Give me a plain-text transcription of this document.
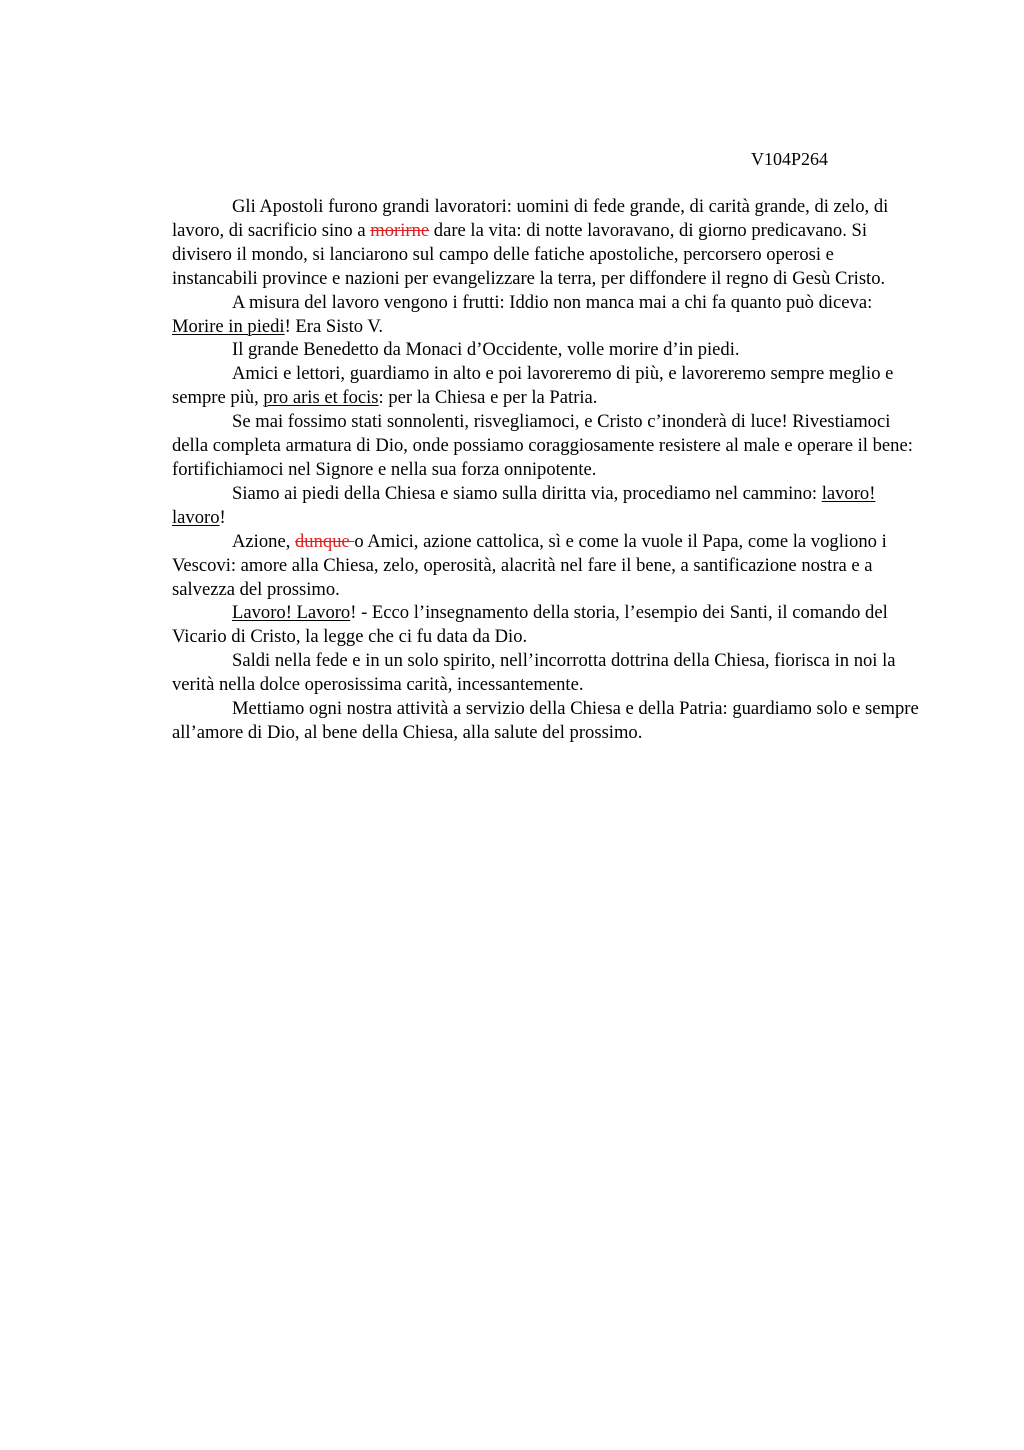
V104P264

Gli Apostoli furono grandi lavoratori: uomini di fede grande, di carità grande, di zelo, di lavoro, di sacrificio sino a morirne dare la vita: di notte lavoravano, di giorno predicavano. Si divisero il mondo, si lanciarono sul campo delle fatiche apostoliche, percorsero operosi e instancabili province e nazioni per evangelizzare la terra, per diffondere il regno di Gesù Cristo.

A misura del lavoro vengono i frutti: Iddio non manca mai a chi fa quanto può diceva: Morire in piedi! Era Sisto V.

Il grande Benedetto da Monaci d’Occidente, volle morire d’in piedi.

Amici e lettori, guardiamo in alto e poi lavoreremo di più, e lavoreremo sempre meglio e sempre più, pro aris et focis: per la Chiesa e per la Patria.

Se mai fossimo stati sonnolenti, risvegliamoci, e Cristo c’inonderà di luce! Rivestiamoci della completa armatura di Dio, onde possiamo coraggiosamente resistere al male e operare il bene: fortifichiamoci nel Signore e nella sua forza onnipotente.

Siamo ai piedi della Chiesa e siamo sulla diritta via, procediamo nel cammino: lavoro! lavoro!

Azione, dunque o Amici, azione cattolica, sì e come la vuole il Papa, come la vogliono i Vescovi: amore alla Chiesa, zelo, operosità, alacrità nel fare il bene, a santificazione nostra e a salvezza del prossimo.

Lavoro! Lavoro! - Ecco l’insegnamento della storia, l’esempio dei Santi, il comando del Vicario di Cristo, la legge che ci fu data da Dio.

Saldi nella fede e in un solo spirito, nell’incorrotta dottrina della Chiesa, fiorisca in noi la verità nella dolce operosissima carità, incessantemente.

Mettiamo ogni nostra attività a servizio della Chiesa e della Patria: guardiamo solo e sempre all’amore di Dio, al bene della Chiesa, alla salute del prossimo.
